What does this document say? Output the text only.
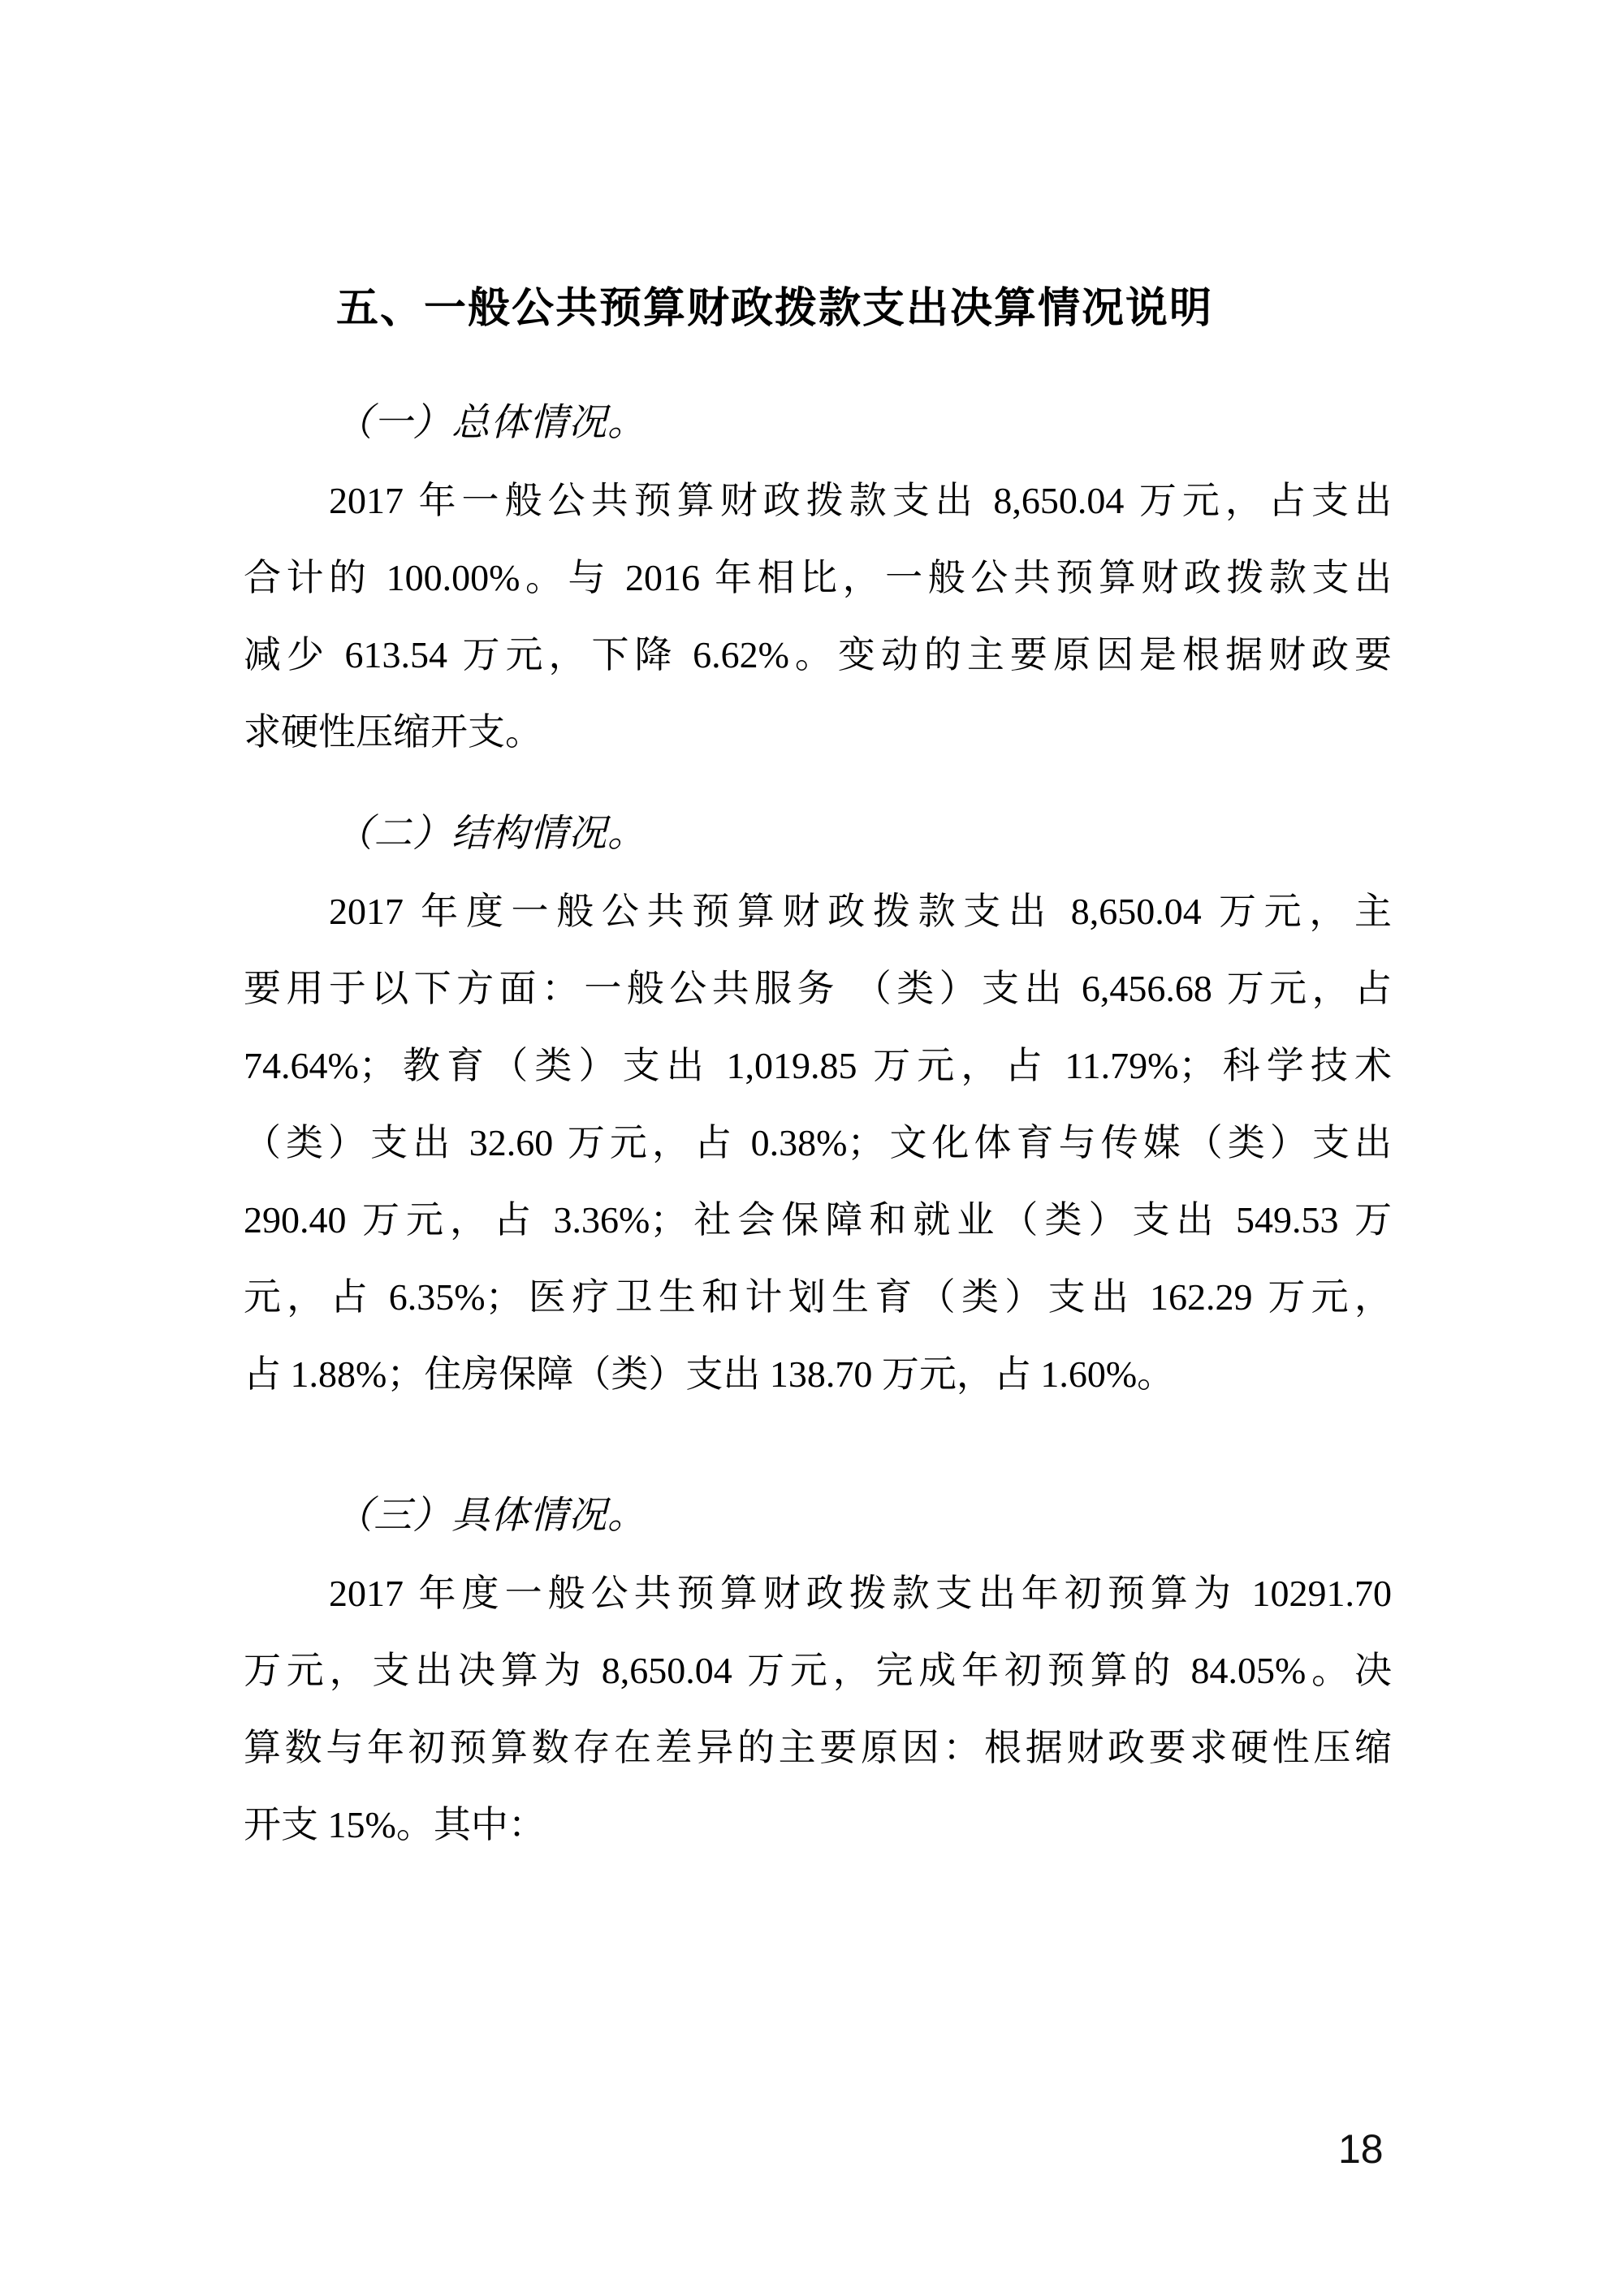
五、一般公共预算财政拨款支出决算情况说明
（一）总体情况。
2017 年一般公共预算财政拨款支出 8,650.04 万元，占支出
合计的 100.00%。与 2016 年相比，一般公共预算财政拨款支出
减少 613.54 万元，下降 6.62%。变动的主要原因是根据财政要
求硬性压缩开支。
（二）结构情况。
2017 年度一般公共预算财政拨款支出 8,650.04 万元，主
要用于以下方面：一般公共服务 （类）支出 6,456.68 万元，占
74.64%；教育（类）支出 1,019.85 万元，占 11.79%；科学技术
（类）支出 32.60 万元，占 0.38%；文化体育与传媒（类）支出
290.40 万元，占 3.36%；社会保障和就业（类）支出 549.53 万
元，占 6.35%；医疗卫生和计划生育（类）支出 162.29 万元，
占 1.88%；住房保障（类）支出 138.70 万元，占 1.60%。
（三）具体情况。
2017 年度一般公共预算财政拨款支出年初预算为 10291.70
万元，支出决算为 8,650.04 万元，完成年初预算的 84.05%。决
算数与年初预算数存在差异的主要原因：根据财政要求硬性压缩
开支 15%。其中：
18
